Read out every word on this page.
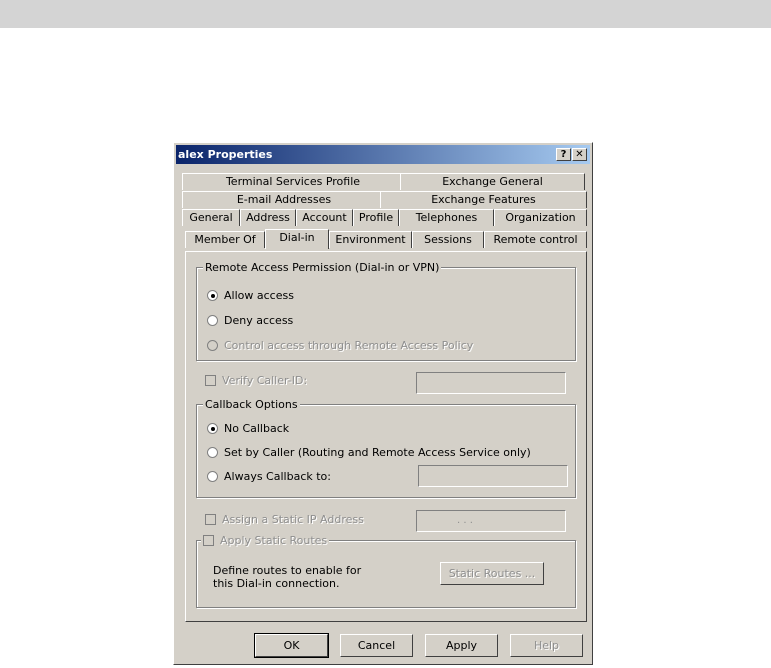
alex Properties	? ✕
Terminal Services Profile	Exchange General
E-mail Addresses	Exchange Features
General	Address	Account	Profile	Telephones	Organization
Member Of	Dial-in	Environment	Sessions	Remote control
Remote Access Permission (Dial-in or VPN)
Allow access
Deny access
Control access through Remote Access Policy
Verify Caller-ID:
Callback Options
No Callback
Set by Caller (Routing and Remote Access Service only)
Always Callback to:
Assign a Static IP Address	. . .
Apply Static Routes
Define routes to enable for this Dial-in connection.
Static Routes ...
OK	Cancel	Apply	Help
